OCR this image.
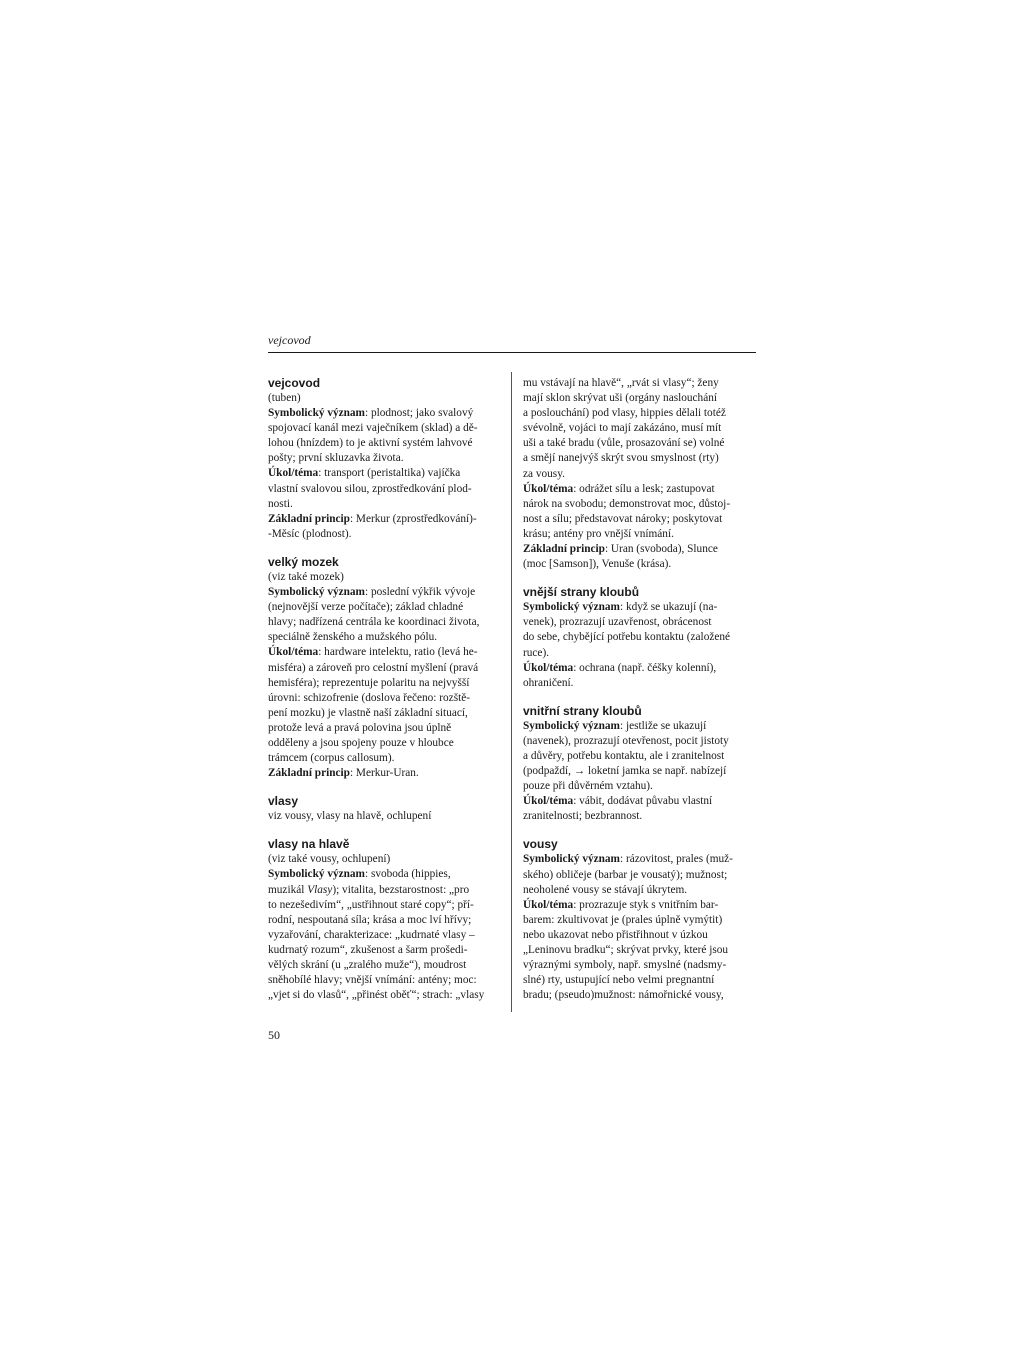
vejcovod
vejcovod
(tuben)
Symbolický význam: plodnost; jako svalový
spojovací kanál mezi vaječníkem (sklad) a dě-
lohou (hnízdem) to je aktivní systém lahvové
pošty; první skluzavka života.
Úkol/téma: transport (peristaltika) vajíčka
vlastní svalovou silou, zprostředkování plod-
nosti.
Základní princip: Merkur (zprostředkování)-
-Měsíc (plodnost).
velký mozek
(viz také mozek)
Symbolický význam: poslední výkřik vývoje
(nejnovější verze počítače); základ chladné
hlavy; nadřízená centrála ke koordinaci života,
speciálně ženského a mužského pólu.
Úkol/téma: hardware intelektu, ratio (levá he-
misféra) a zároveň pro celostní myšlení (pravá
hemisféra); reprezentuje polaritu na nejvyšší
úrovni: schizofrenie (doslova řečeno: rozště-
pení mozku) je vlastně naší základní situací,
protože levá a pravá polovina jsou úplně
odděleny a jsou spojeny pouze v hloubce
trámcem (corpus callosum).
Základní princip: Merkur-Uran.
vlasy
viz vousy, vlasy na hlavě, ochlupení
vlasy na hlavě
(viz také vousy, ochlupení)
Symbolický význam: svoboda (hippies,
muzikál Vlasy); vitalita, bezstarostnost: „pro
to nezešedivím“, „ustřihnout staré copy“; pří-
rodní, nespoutaná síla; krása a moc lví hřívy;
vyzařování, charakterizace: „kudrnaté vlasy –
kudrnatý rozum“, zkušenost a šarm prošedi-
vělých skrání (u „zralého muže“), moudrost
sněhobílé hlavy; vnější vnímání: antény; moc:
„vjet si do vlasů“, „přinést oběť“; strach: „vlasy
mu vstávají na hlavě“, „rvát si vlasy“; ženy
mají sklon skrývat uši (orgány naslouchání
a poslouchání) pod vlasy, hippies dělali totéž
svévolně, vojáci to mají zakázáno, musí mít
uši a také bradu (vůle, prosazování se) volné
a smějí nanejvýš skrýt svou smyslnost (rty)
za vousy.
Úkol/téma: odrážet sílu a lesk; zastupovat
nárok na svobodu; demonstrovat moc, důstoj-
nost a sílu; představovat nároky; poskytovat
krásu; antény pro vnější vnímání.
Základní princip: Uran (svoboda), Slunce
(moc [Samson]), Venuše (krása).
vnější strany kloubů
Symbolický význam: když se ukazují (na-
venek), prozrazují uzavřenost, obrácenost
do sebe, chybějící potřebu kontaktu (založené
ruce).
Úkol/téma: ochrana (např. čéšky kolenní),
ohraničení.
vnitřní strany kloubů
Symbolický význam: jestliže se ukazují
(navenek), prozrazují otevřenost, pocit jistoty
a důvěry, potřebu kontaktu, ale i zranitelnost
(podpaždí, → loketní jamka se např. nabízejí
pouze při důvěrném vztahu).
Úkol/téma: vábit, dodávat půvabu vlastní
zranitelnosti; bezbrannost.
vousy
Symbolický význam: rázovitost, prales (muž-
ského) obličeje (barbar je vousatý); mužnost;
neoholené vousy se stávají úkrytem.
Úkol/téma: prozrazuje styk s vnitřním bar-
barem: zkultivovat je (prales úplně vymýtit)
nebo ukazovat nebo přistřihnout v úzkou
„Leninovu bradku“; skrývat prvky, které jsou
výraznými symboly, např. smyslné (nadsmy-
slné) rty, ustupující nebo velmi pregnantní
bradu; (pseudo)mužnost: námořnické vousy,
50
